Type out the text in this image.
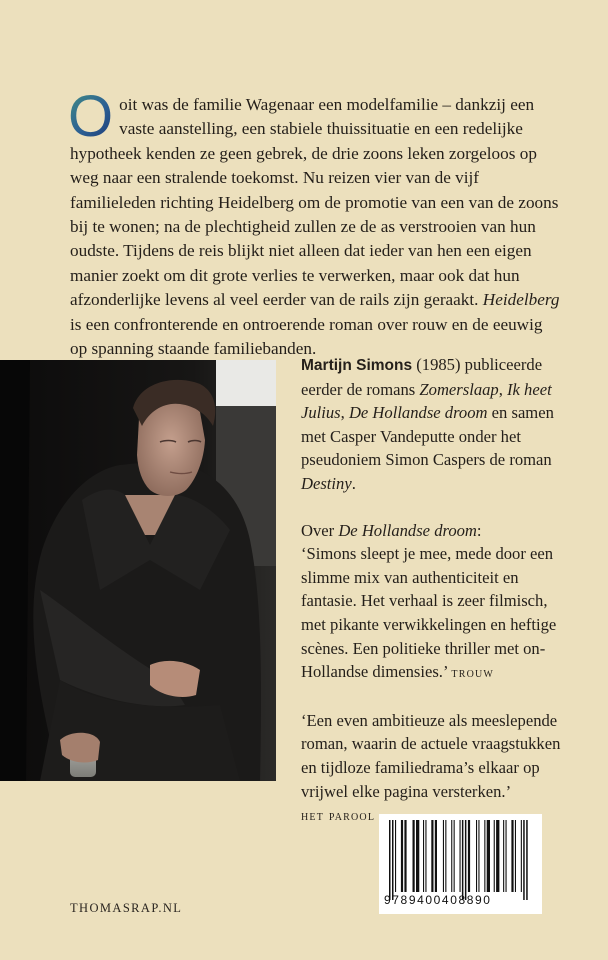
O oit was de familie Wagenaar een modelfamilie – dankzij een vaste aanstelling, een stabiele thuissituatie en een redelijke hypotheek kenden ze geen gebrek, de drie zoons leken zorgeloos op weg naar een stralende toekomst. Nu reizen vier van de vijf familieleden richting Heidelberg om de promotie van een van de zoons bij te wonen; na de plechtigheid zullen ze de as verstrooien van hun oudste. Tijdens de reis blijkt niet alleen dat ieder van hen een eigen manier zoekt om dit grote verlies te verwerken, maar ook dat hun afzonderlijke levens al veel eerder van de rails zijn geraakt. Heidelberg is een confronterende en ontroerende roman over rouw en de eeuwig op spanning staande familiebanden.

Martijn Simons (1985) publiceerde eerder de romans Zomerslaap, Ik heet Julius, De Hollandse droom en samen met Casper Vandeputte onder het pseudoniem Simon Caspers de roman Destiny.

Over De Hollandse droom:

‘Simons sleept je mee, mede door een slimme mix van authenticiteit en fantasie. Het verhaal is zeer filmisch, met pikante verwikkelingen en heftige scènes. Een politieke thriller met on-Hollandse dimensies.’ trouw

‘Een even ambitieuze als meeslepende roman, waarin de actuele vraagstukken en tijdloze familiedrama’s elkaar op vrijwel elke pagina versterken.’

het parool

9789400408890
THOMASRAP.NL
